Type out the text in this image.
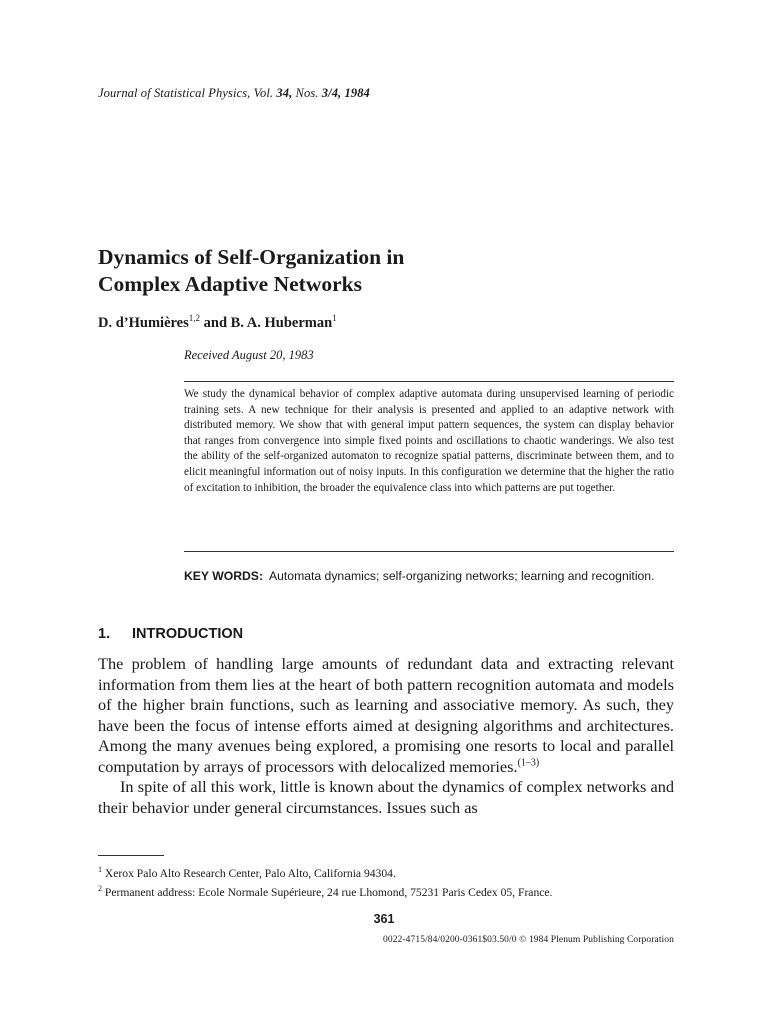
Journal of Statistical Physics, Vol. 34, Nos. 3/4, 1984
Dynamics of Self-Organization in
Complex Adaptive Networks
D. d’Humières$^{1,2}$ and B. A. Huberman$^1$
Received August 20, 1983

We study the dynamical behavior of complex adaptive automata during unsupervised learning of periodic training sets. A new technique for their analysis is presented and applied to an adaptive network with distributed memory. We show that with general imput pattern sequences, the system can display behavior that ranges from convergence into simple fixed points and oscillations to chaotic wanderings. We also test the ability of the self-organized automaton to recognize spatial patterns, discriminate between them, and to elicit meaningful information out of noisy inputs. In this configuration we determine that the higher the ratio of excitation to inhibition, the broader the equivalence class into which patterns are put together.

KEY WORDS: Automata dynamics; self-organizing networks; learning and recognition.

1. INTRODUCTION

The problem of handling large amounts of redundant data and extracting relevant information from them lies at the heart of both pattern recognition automata and models of the higher brain functions, such as learning and associative memory. As such, they have been the focus of intense efforts aimed at designing algorithms and architectures. Among the many avenues being explored, a promising one resorts to local and parallel computation by arrays of processors with delocalized memories.$^{(1-3)}$

In spite of all this work, little is known about the dynamics of complex networks and their behavior under general circumstances. Issues such as

$^1$ Xerox Palo Alto Research Center, Palo Alto, California 94304.

$^2$ Permanent address: Ecole Normale Supérieure, 24 rue Lhomond, 75231 Paris Cedex 05, France.

361
0022-4715/84/0200-0361$03.50/0 © 1984 Plenum Publishing Corporation
